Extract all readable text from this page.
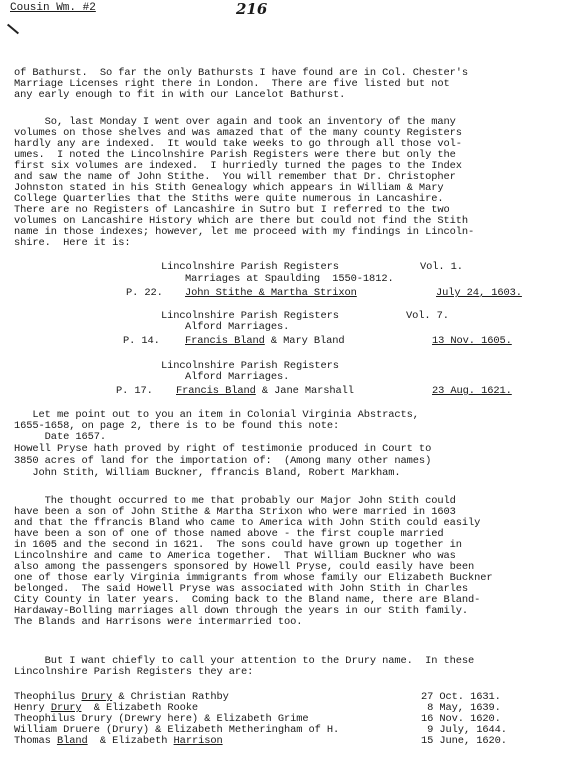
Cousin Wm. #2	216
of Bathurst.  So far the only Bathursts I have found are in Col. Chester's
Marriage Licenses right there in London.  There are five listed but not
any early enough to fit in with our Lancelot Bathurst.
So, last Monday I went over again and took an inventory of the many
volumes on those shelves and was amazed that of the many county Registers
hardly any are indexed.  It would take weeks to go through all those vol-
umes.  I noted the Lincolnshire Parish Registers were there but only the
first six volumes are indexed.  I hurriedly turned the pages to the Index
and saw the name of John Stithe.  You will remember that Dr. Christopher
Johnston stated in his Stith Genealogy which appears in William & Mary
College Quarterlies that the Stiths were quite numerous in Lancashire.
There are no Registers of Lancashire in Sutro but I referred to the two
volumes on Lancashire History which are there but could not find the Stith
name in those indexes; however, let me proceed with my findings in Lincoln-
shire.  Here it is:
Lincolnshire Parish Registers	Vol. 1.
Marriages at Spaulding  1550-1812.
P. 22. John Stithe & Martha Strixon	July 24, 1603.
Lincolnshire Parish Registers	Vol. 7.
Alford Marriages.
P. 14. Francis Bland & Mary Bland	13 Nov. 1605.
Lincolnshire Parish Registers
Alford Marriages.
P. 17. Francis Bland & Jane Marshall	23 Aug. 1621.
Let me point out to you an item in Colonial Virginia Abstracts,
1655-1658, on page 2, there is to be found this note:
Date 1657.
Howell Pryse hath proved by right of testimonie produced in Court to
3850 acres of land for the importation of:  (Among many other names)
John Stith, William Buckner, ffrancis Bland, Robert Markham.
The thought occurred to me that probably our Major John Stith could
have been a son of John Stithe & Martha Strixon who were married in 1603
and that the ffrancis Bland who came to America with John Stith could easily
have been a son of one of those named above - the first couple married
in 1605 and the second in 1621.  The sons could have grown up together in
Lincolnshire and came to America together.  That William Buckner who was
also among the passengers sponsored by Howell Pryse, could easily have been
one of those early Virginia immigrants from whose family our Elizabeth Buckner
belonged.  The said Howell Pryse was associated with John Stith in Charles
City County in later years.  Coming back to the Bland name, there are Bland-
Hardaway-Bolling marriages all down through the years in our Stith family.
The Blands and Harrisons were intermarried too.
But I want chiefly to call your attention to the Drury name.  In these
Lincolnshire Parish Registers they are:
Theophilus Drury & Christian Rathby	27 Oct. 1631.
Henry Drury  & Elizabeth Rooke	8 May, 1639.
Theophilus Drury (Drewry here) & Elizabeth Grime	16 Nov. 1620.
William Druere (Drury) & Elizabeth Metheringham of H.	9 July, 1644.
Thomas Bland  & Elizabeth Harrison	15 June, 1620.
